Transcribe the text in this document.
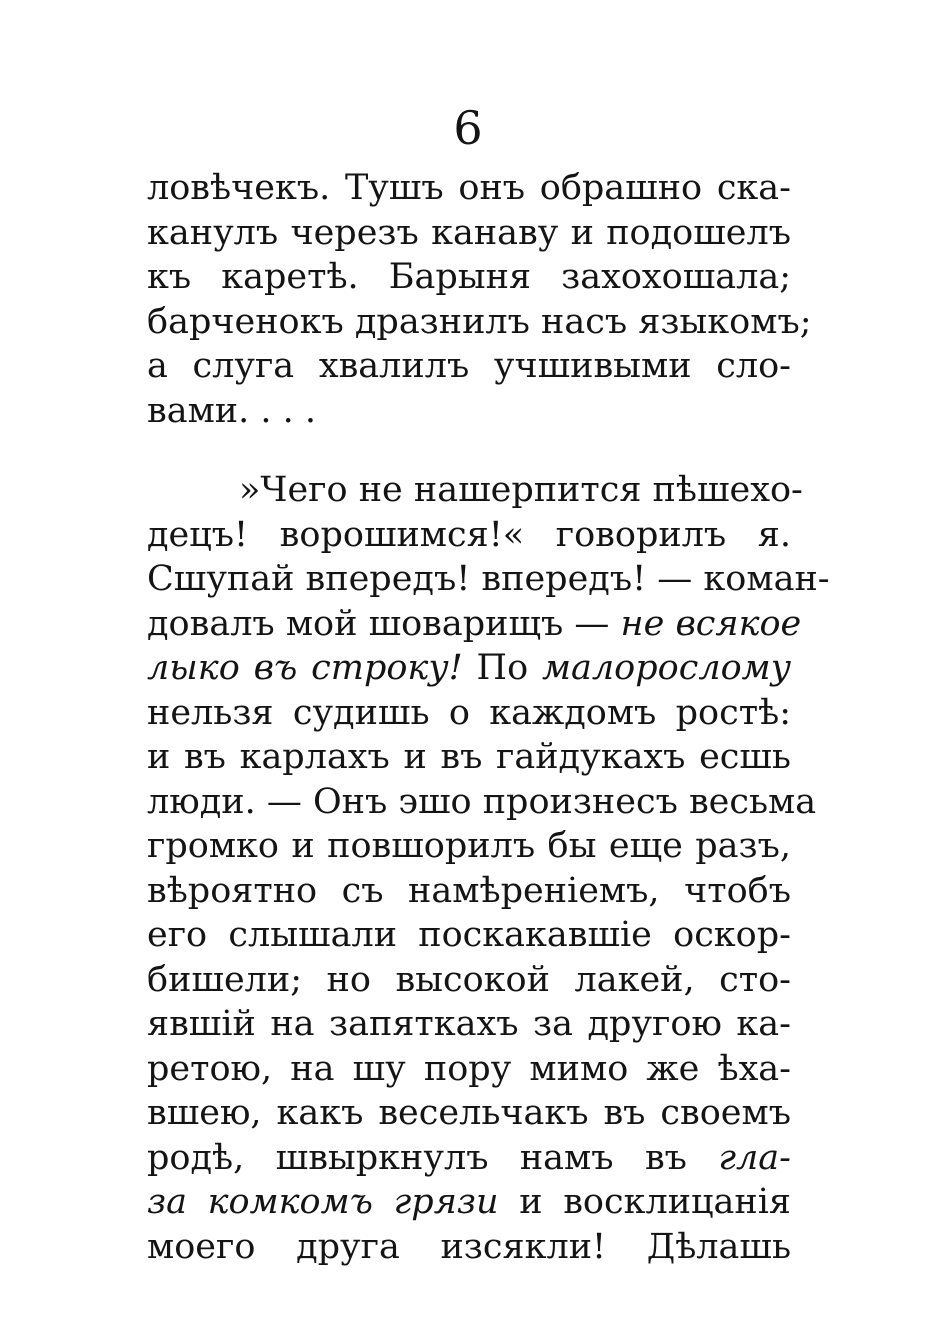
6
ловѣчекъ. Тушъ онъ обрашно ска-
канулъ черезъ канаву и подошелъ
къ каретѣ. Барыня захохошала;
барченокъ дразнилъ насъ языкомъ;
а слуга хвалилъ учшивыми сло-
вами. . . .
»Чего не нашерпится пѣшехо-
децъ! ворошимся!« говорилъ я.
Сшупай впередъ! впередъ! — коман-
довалъ мой шоварищъ — не всякое
лыко въ строку! По малорослому
нельзя судишь о каждомъ ростѣ:
и въ карлахъ и въ гайдукахъ есшь
люди. — Онъ эшо произнесъ весьма
громко и повшорилъ бы еще разъ,
вѣроятно съ намѣреніемъ, чтобъ
его слышали поскакавшіе оскор-
бишели; но высокой лакей, сто-
явшій на запяткахъ за другою ка-
ретою, на шу пору мимо же ѣха-
вшею, какъ весельчакъ въ своемъ
родѣ, швыркнулъ намъ въ гла-
за комкомъ грязи и восклицанія
моего друга изсякли! Дѣлашь
